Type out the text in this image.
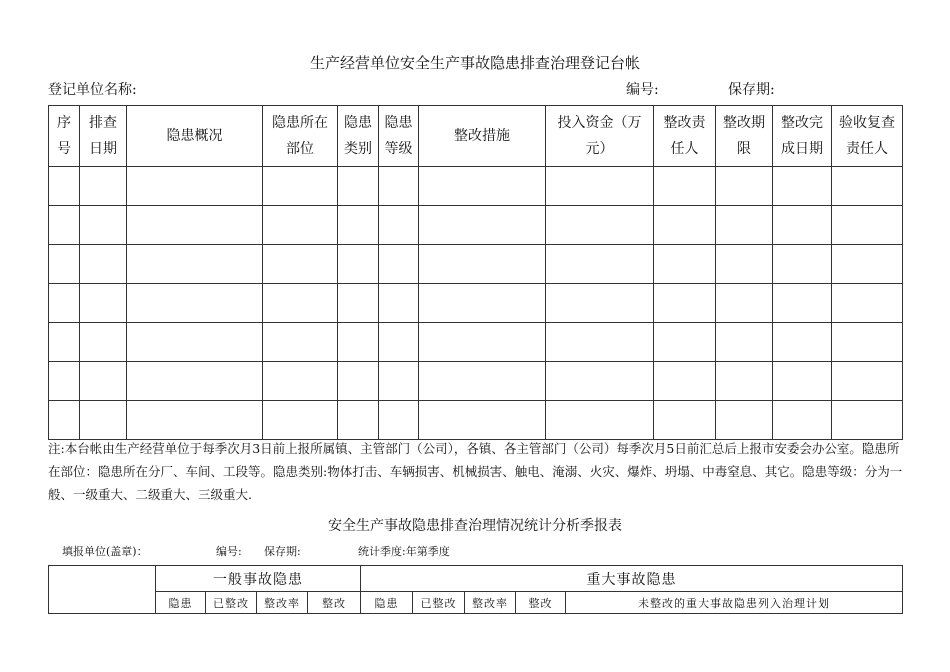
生产经营单位安全生产事故隐患排查治理登记台帐
登记单位名称:	编号:	保存期:
序号	排查日期	隐患概况	隐患所在部位	隐患类别	隐患等级	整改措施	投入资金（万元）	整改责任人	整改期限	整改完成日期	验收复查责任人

注:本台帐由生产经营单位于每季次月3日前上报所属镇、主管部门（公司），各镇、各主管部门（公司）每季次月5日前汇总后上报市安委会办公室。隐患所在部位：隐患所在分厂、车间、工段等。隐患类别:物体打击、车辆损害、机械损害、触电、淹溺、火灾、爆炸、坍塌、中毒窒息、其它。隐患等级：分为一般、一级重大、二级重大、三级重大.
安全生产事故隐患排查治理情况统计分析季报表
填报单位(盖章)：	编号: 保存期:	统计季度:年第季度
	一般事故隐患				重大事故隐患					
	隐患	已整改	整改率	整改	隐患	已整改	整改率	整改	未整改的重大事故隐患列入治理计划	
